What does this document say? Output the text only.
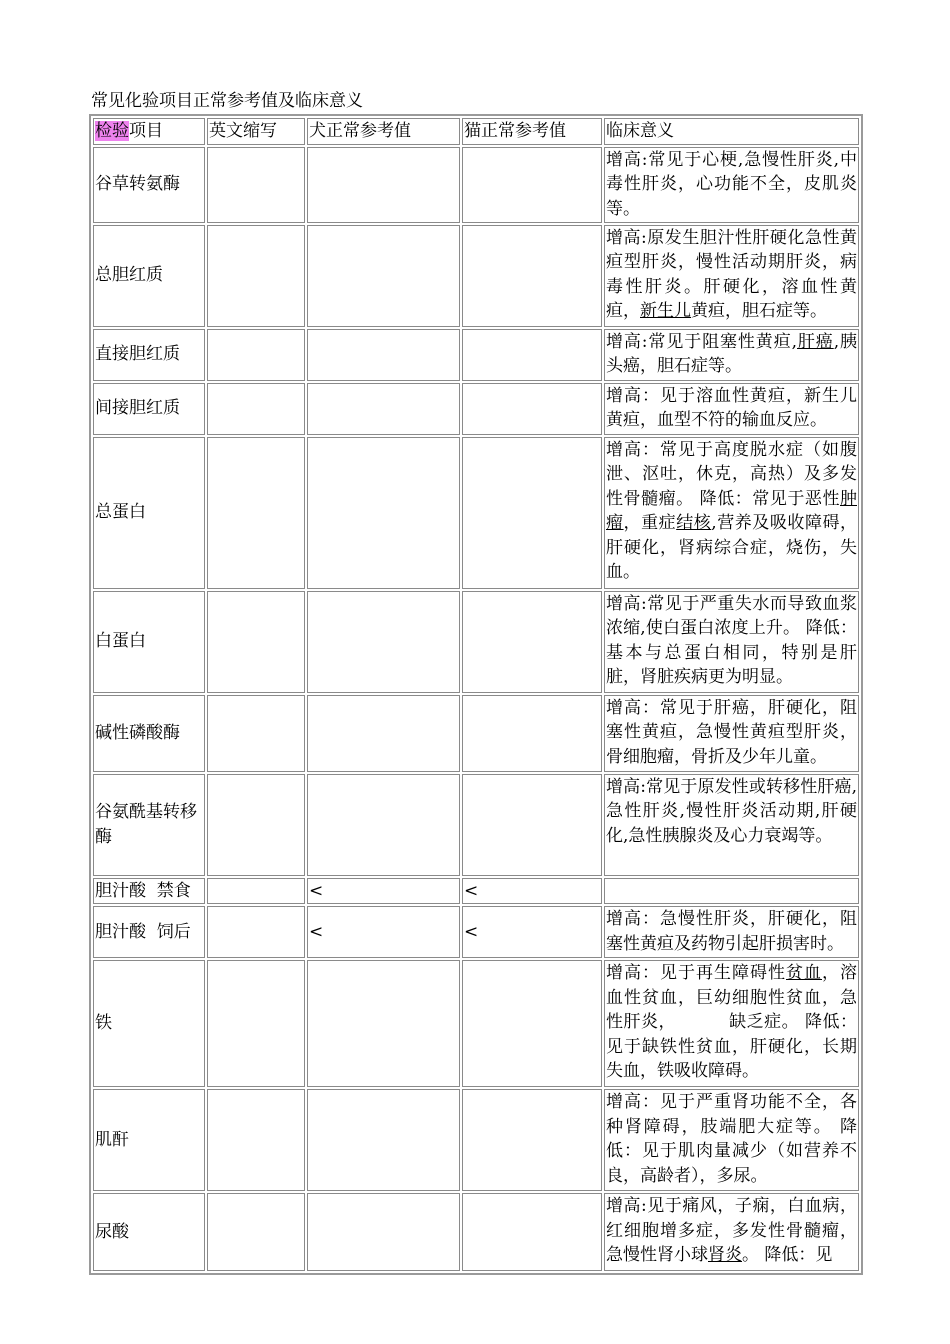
常见化验项目正常参考值及临床意义
检验项目	英文缩写	犬正常参考值	猫正常参考值	临床意义
谷草转氨酶				增高:常见于心梗,急慢性肝炎,中毒性肝炎，心功能不全，皮肌炎等。
总胆红质				增高:原发生胆汁性肝硬化急性黄疸型肝炎，慢性活动期肝炎，病毒性肝炎。肝硬化，溶血性黄疸，新生儿黄疸，胆石症等。
直接胆红质				增高:常见于阻塞性黄疸,肝癌,胰头癌，胆石症等。
间接胆红质				增高：见于溶血性黄疸，新生儿黄疸，血型不符的输血反应。
总蛋白				增高：常见于高度脱水症（如腹泄、沤吐，休克，高热）及多发性骨髓瘤。 降低：常见于恶性肿瘤，重症结核,营养及吸收障碍，肝硬化，肾病综合症，烧伤，失血。
白蛋白				增高:常见于严重失水而导致血浆浓缩,使白蛋白浓度上升。 降低：基本与总蛋白相同，特别是肝脏，肾脏疾病更为明显。
碱性磷酸酶				增高：常见于肝癌，肝硬化，阻塞性黄疸，急慢性黄疸型肝炎，骨细胞瘤，骨折及少年儿童。
谷氨酰基转移酶				增高:常见于原发性或转移性肝癌,急性肝炎,慢性肝炎活动期,肝硬化,急性胰腺炎及心力衰竭等。
胆汁酸  禁食		<	<	
胆汁酸  饲后		<	<	增高：急慢性肝炎，肝硬化，阻塞性黄疸及药物引起肝损害时。
铁				增高：见于再生障碍性贫血，溶血性贫血，巨幼细胞性贫血，急性肝炎，         缺乏症。 降低：见于缺铁性贫血，肝硬化，长期失血，铁吸收障碍。
肌酐				增高：见于严重肾功能不全，各种肾障碍，肢端肥大症等。 降低：见于肌肉量减少（如营养不良，高龄者），多尿。
尿酸				增高:见于痛风，子痫，白血病，红细胞增多症，多发性骨髓瘤，急慢性肾小球肾炎。 降低：见
